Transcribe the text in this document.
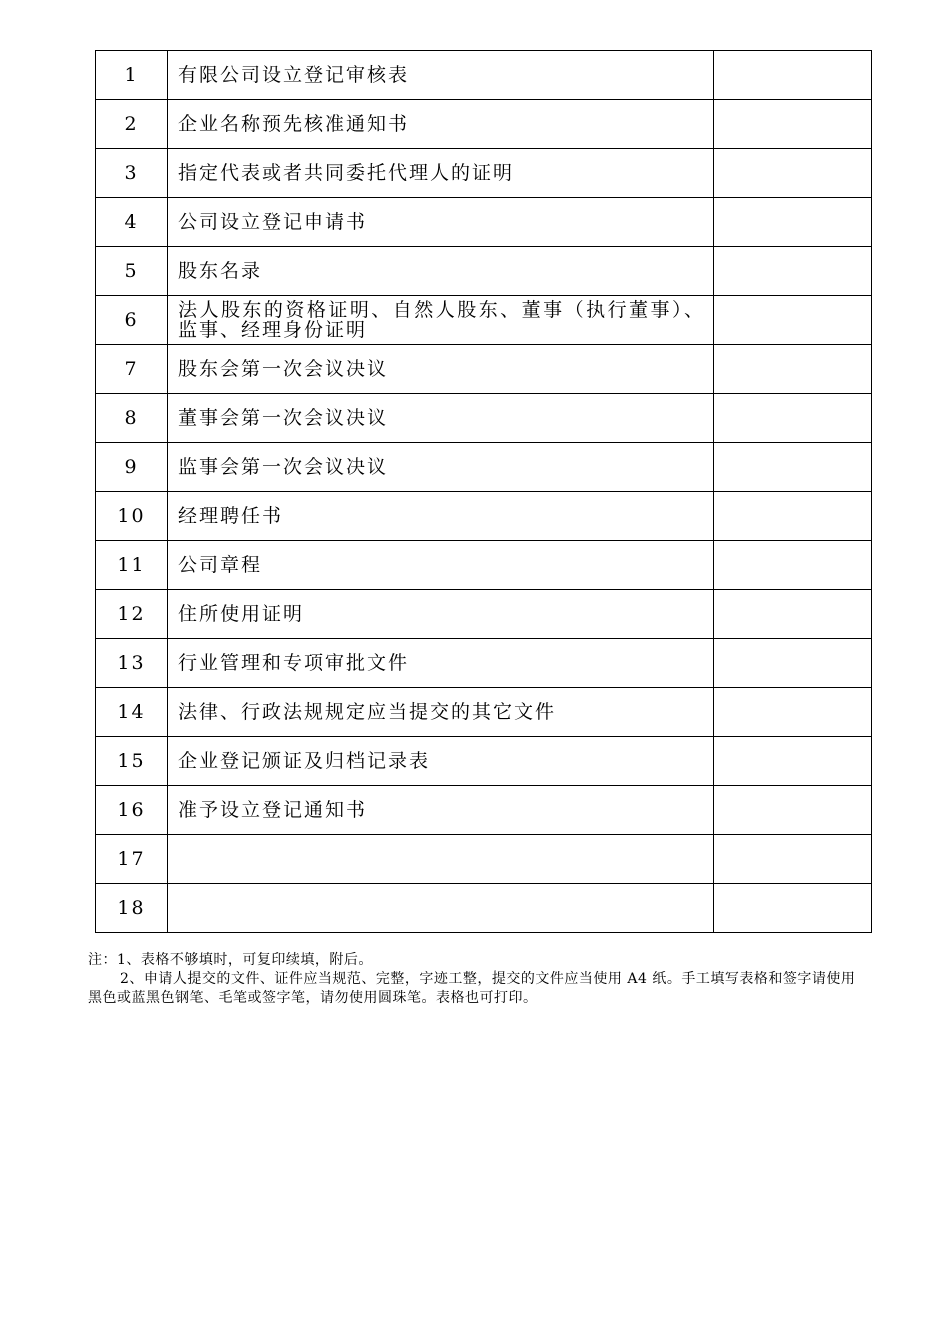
1	有限公司设立登记审核表	

2	企业名称预先核准通知书	

3	指定代表或者共同委托代理人的证明	

4	公司设立登记申请书	

5	股东名录	

6	法人股东的资格证明、自然人股东、董事（执行董事）、监事、经理身份证明	

7	股东会第一次会议决议	

8	董事会第一次会议决议	

9	监事会第一次会议决议	

10	经理聘任书	

11	公司章程	

12	住所使用证明	

13	行业管理和专项审批文件	

14	法律、行政法规规定应当提交的其它文件	

15	企业登记颁证及归档记录表	

16	准予设立登记通知书	

17	

18	

注：1、表格不够填时，可复印续填，附后。

2、申请人提交的文件、证件应当规范、完整，字迹工整，提交的文件应当使用 A4 纸。手工填写表格和签字请使用黑色或蓝黑色钢笔、毛笔或签字笔，请勿使用圆珠笔。表格也可打印。
